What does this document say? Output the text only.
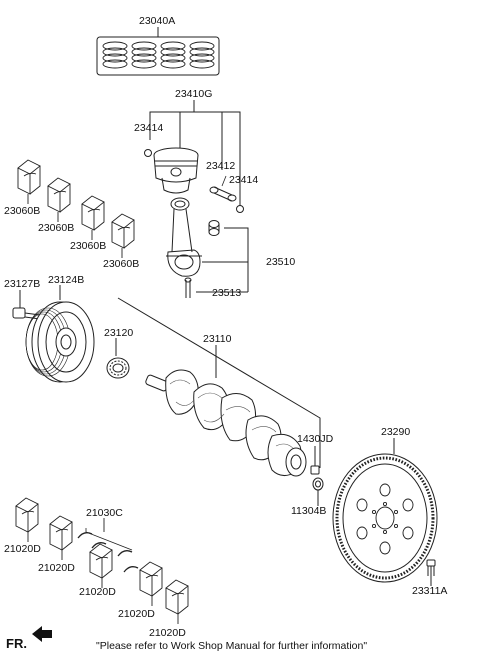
23040A
23410G
23414
23412
23414
23060B
23060B
23060B
23060B	23510
23513
23127B 23124B
23120	23110
1430JD
23290
11304B
23311A
21030C
21020D
21020D
21020D
21020D
21020D
FR.	"Please refer to Work Shop Manual for further information"
